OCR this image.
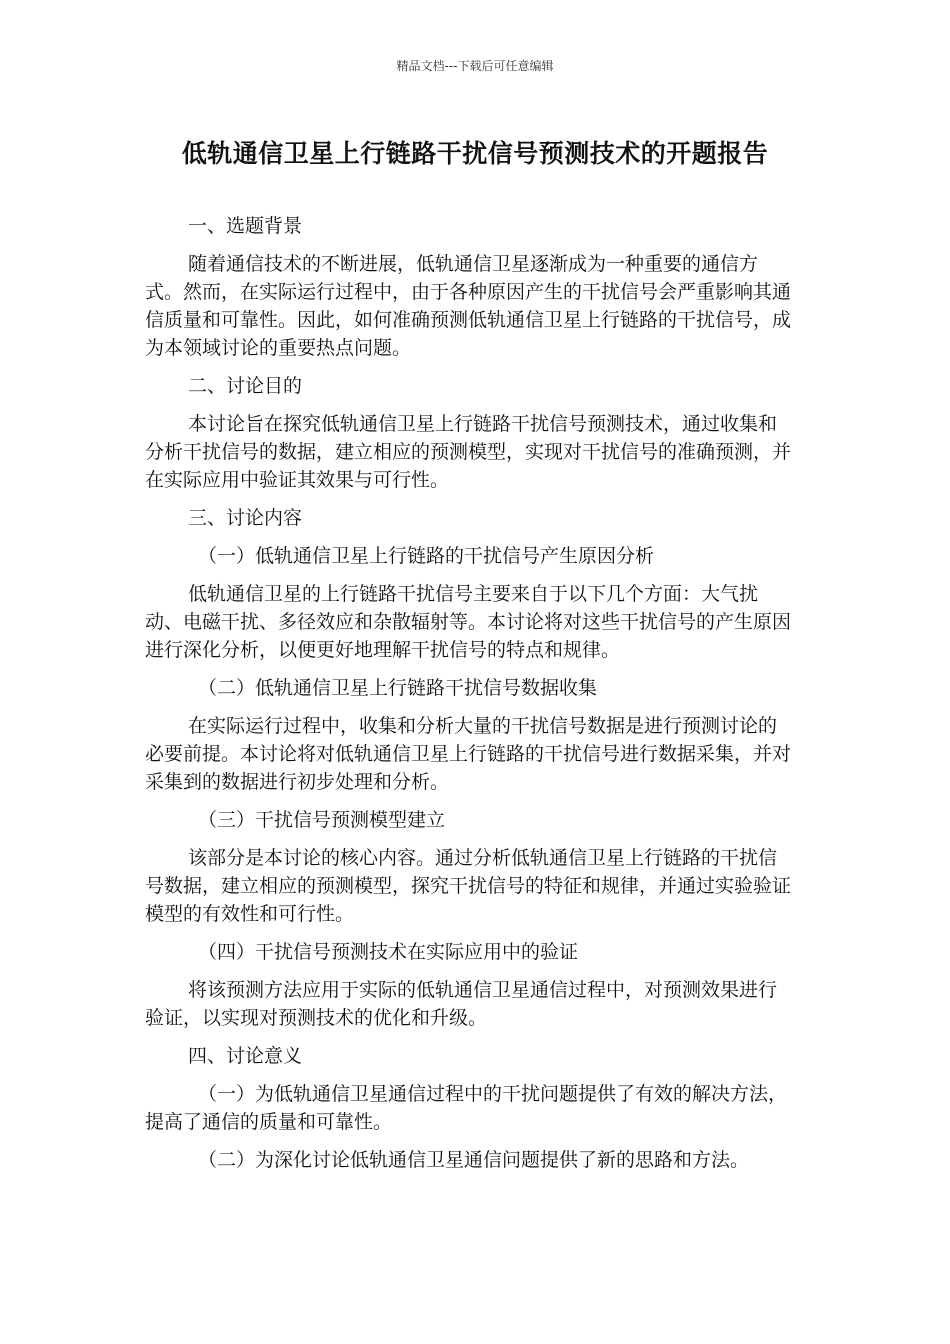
精品文档---下载后可任意编辑
低轨通信卫星上行链路干扰信号预测技术的开题报告

一、选题背景

随着通信技术的不断进展，低轨通信卫星逐渐成为一种重要的通信方式。然而，在实际运行过程中，由于各种原因产生的干扰信号会严重影响其通信质量和可靠性。因此，如何准确预测低轨通信卫星上行链路的干扰信号，成为本领域讨论的重要热点问题。

二、讨论目的

本讨论旨在探究低轨通信卫星上行链路干扰信号预测技术，通过收集和分析干扰信号的数据，建立相应的预测模型，实现对干扰信号的准确预测，并在实际应用中验证其效果与可行性。

三、讨论内容

（一）低轨通信卫星上行链路的干扰信号产生原因分析

低轨通信卫星的上行链路干扰信号主要来自于以下几个方面：大气扰动、电磁干扰、多径效应和杂散辐射等。本讨论将对这些干扰信号的产生原因进行深化分析，以便更好地理解干扰信号的特点和规律。

（二）低轨通信卫星上行链路干扰信号数据收集

在实际运行过程中，收集和分析大量的干扰信号数据是进行预测讨论的必要前提。本讨论将对低轨通信卫星上行链路的干扰信号进行数据采集，并对采集到的数据进行初步处理和分析。

（三）干扰信号预测模型建立

该部分是本讨论的核心内容。通过分析低轨通信卫星上行链路的干扰信号数据，建立相应的预测模型，探究干扰信号的特征和规律，并通过实验验证模型的有效性和可行性。

（四）干扰信号预测技术在实际应用中的验证

将该预测方法应用于实际的低轨通信卫星通信过程中，对预测效果进行验证，以实现对预测技术的优化和升级。

四、讨论意义

（一）为低轨通信卫星通信过程中的干扰问题提供了有效的解决方法，提高了通信的质量和可靠性。

（二）为深化讨论低轨通信卫星通信问题提供了新的思路和方法。
